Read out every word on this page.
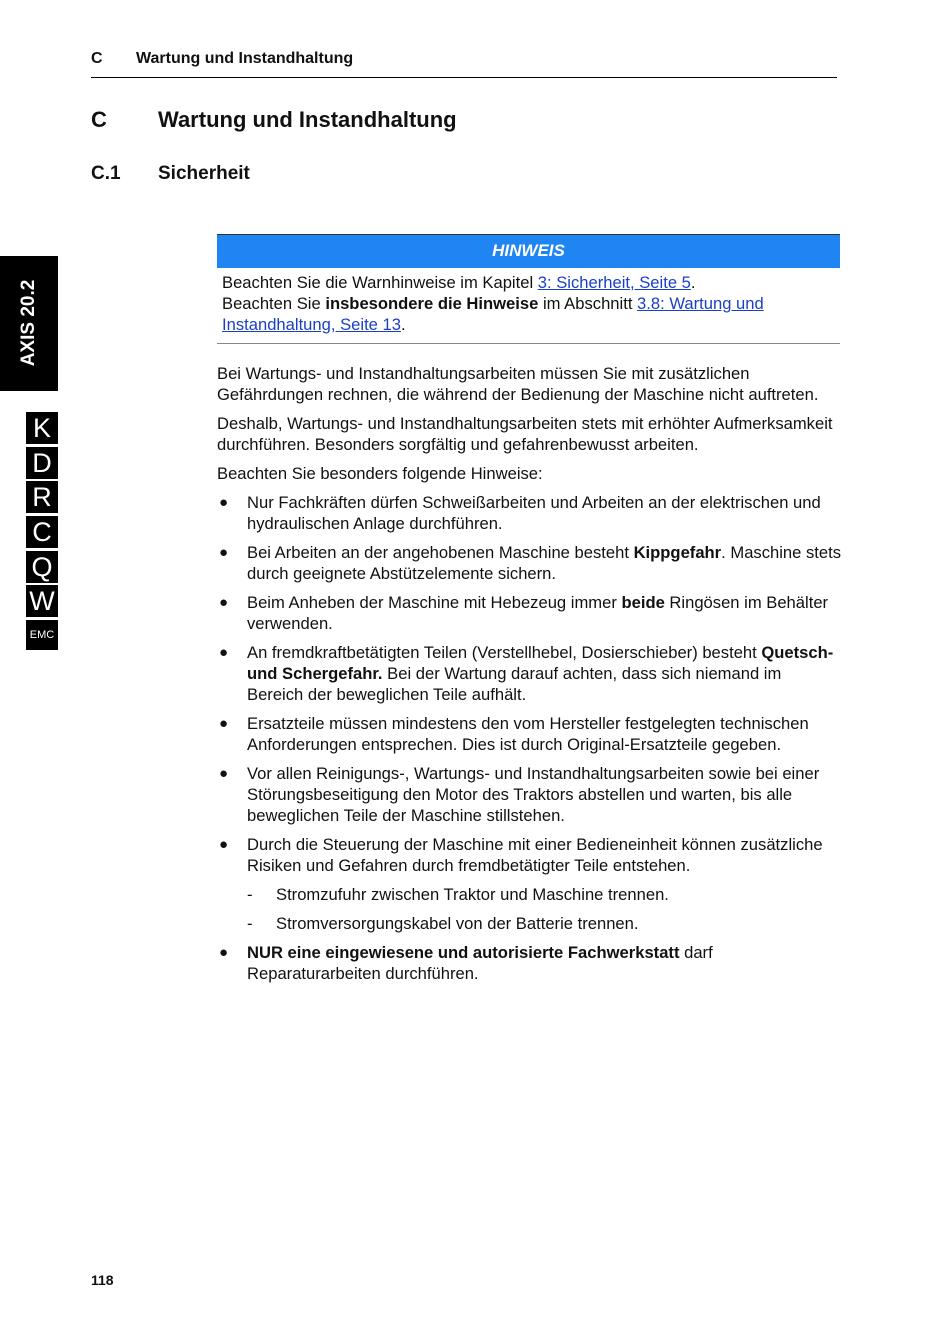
C Wartung und Instandhaltung
C Wartung und Instandhaltung
C.1 Sicherheit
AXIS 20.2
K
D
R
C
Q
W
EMC
HINWEIS
Beachten Sie die Warnhinweise im Kapitel 3: Sicherheit, Seite 5.
Beachten Sie insbesondere die Hinweise im Abschnitt 3.8: Wartung und Instandhaltung, Seite 13.

Bei Wartungs- und Instandhaltungsarbeiten müssen Sie mit zusätzlichen Gefährdungen rechnen, die während der Bedienung der Maschine nicht auftreten.

Deshalb, Wartungs- und Instandhaltungsarbeiten stets mit erhöhter Aufmerksamkeit durchführen. Besonders sorgfältig und gefahrenbewusst arbeiten.

Beachten Sie besonders folgende Hinweise:

● Nur Fachkräften dürfen Schweißarbeiten und Arbeiten an der elektrischen und hydraulischen Anlage durchführen.
● Bei Arbeiten an der angehobenen Maschine besteht Kippgefahr. Maschine stets durch geeignete Abstützelemente sichern.
● Beim Anheben der Maschine mit Hebezeug immer beide Ringösen im Behälter verwenden.
● An fremdkraftbetätigten Teilen (Verstellhebel, Dosierschieber) besteht Quetsch- und Schergefahr. Bei der Wartung darauf achten, dass sich niemand im Bereich der beweglichen Teile aufhält.
● Ersatzteile müssen mindestens den vom Hersteller festgelegten technischen Anforderungen entsprechen. Dies ist durch Original-Ersatzteile gegeben.
● Vor allen Reinigungs-, Wartungs- und Instandhaltungsarbeiten sowie bei einer Störungsbeseitigung den Motor des Traktors abstellen und warten, bis alle beweglichen Teile der Maschine stillstehen.
● Durch die Steuerung der Maschine mit einer Bedieneinheit können zusätzliche Risiken und Gefahren durch fremdbetätigter Teile entstehen.
- Stromzufuhr zwischen Traktor und Maschine trennen.
- Stromversorgungskabel von der Batterie trennen.
● NUR eine eingewiesene und autorisierte Fachwerkstatt darf Reparaturarbeiten durchführen.
118
